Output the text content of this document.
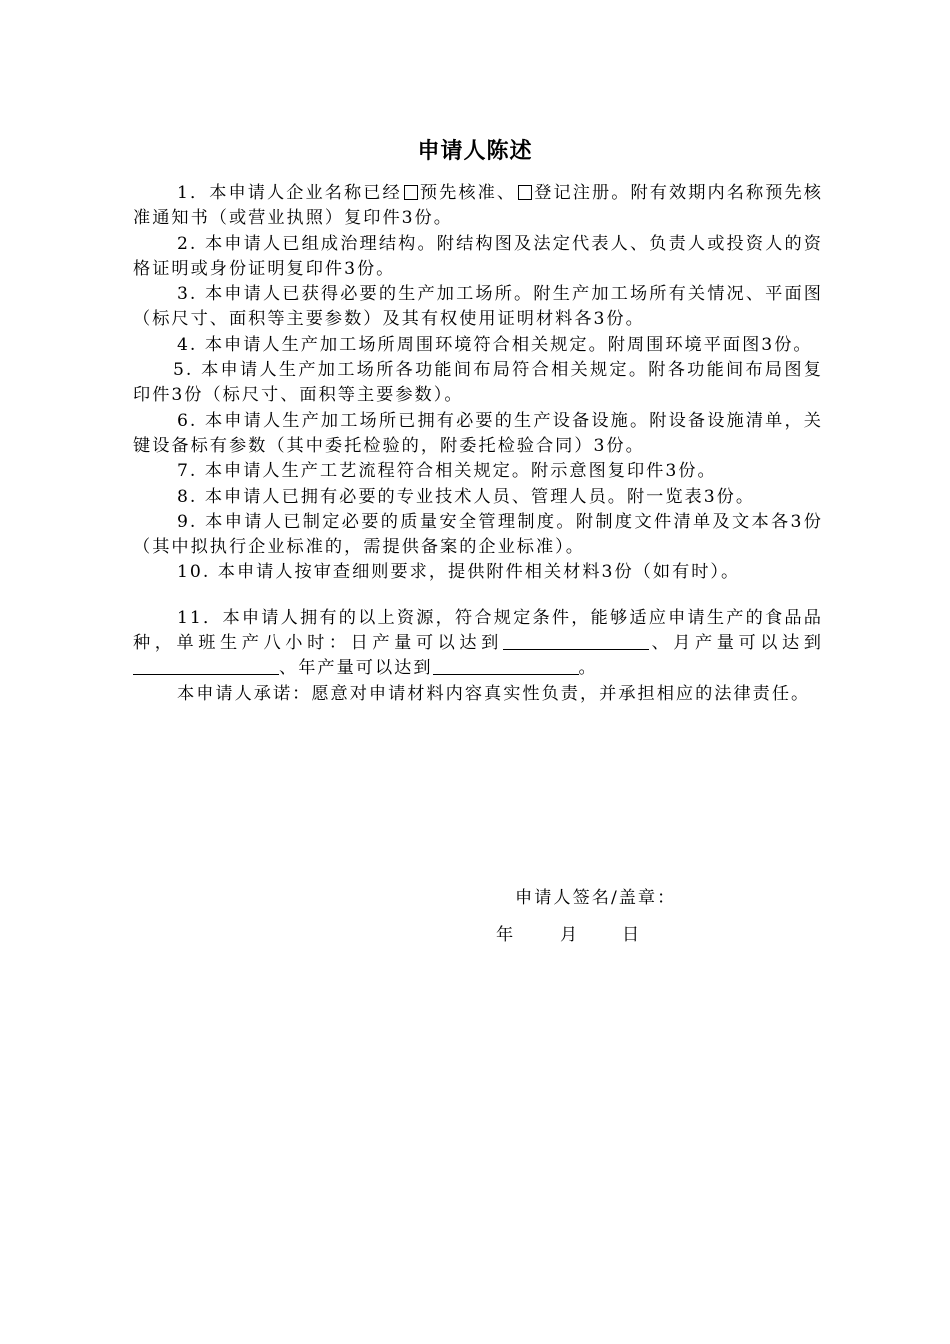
申请人陈述

1．本申请人企业名称已经 预先核准、 登记注册。附有效期内名称预先核准通知书（或营业执照）复印件3份。

2. 本申请人已组成治理结构。附结构图及法定代表人、负责人或投资人的资格证明或身份证明复印件3份。

3. 本申请人已获得必要的生产加工场所。附生产加工场所有关情况、平面图（标尺寸、面积等主要参数）及其有权使用证明材料各3份。

4. 本申请人生产加工场所周围环境符合相关规定。附周围环境平面图3份。

5. 本申请人生产加工场所各功能间布局符合相关规定。附各功能间布局图复印件3份（标尺寸、面积等主要参数）。

6. 本申请人生产加工场所已拥有必要的生产设备设施。附设备设施清单，关键设备标有参数（其中委托检验的，附委托检验合同）3份。

7. 本申请人生产工艺流程符合相关规定。附示意图复印件3份。

8. 本申请人已拥有必要的专业技术人员、管理人员。附一览表3份。

9. 本申请人已制定必要的质量安全管理制度。附制度文件清单及文本各3份（其中拟执行企业标准的，需提供备案的企业标准）。

10. 本申请人按审查细则要求，提供附件相关材料3份（如有时）。

11．本申请人拥有的以上资源，符合规定条件，能够适应申请生产的食品品种，单班生产八小时：日产量可以达到	、月产量可以达到、年产量可以达到	。

本申请人承诺：愿意对申请材料内容真实性负责，并承担相应的法律责任。

申请人签名/盖章：
年	月	日
